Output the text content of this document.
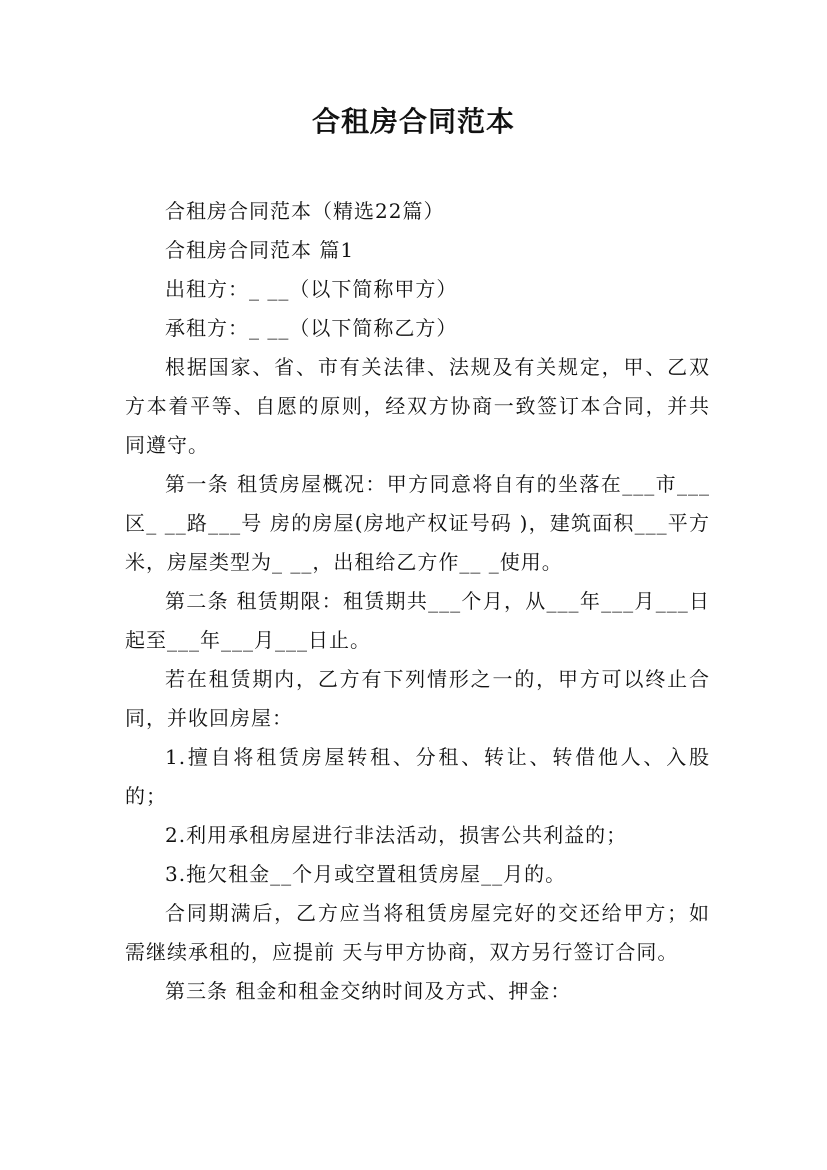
合租房合同范本

合租房合同范本（精选22篇）

合租房合同范本 篇1

出租方：_ __（以下简称甲方）

承租方：_ __（以下简称乙方）

根据国家、省、市有关法律、法规及有关规定，甲、乙双方本着平等、自愿的原则，经双方协商一致签订本合同，并共同遵守。

第一条 租赁房屋概况：甲方同意将自有的坐落在___市___区_ __路___号 房的房屋(房地产权证号码 )，建筑面积___平方米，房屋类型为_ __，出租给乙方作__ _使用。

第二条 租赁期限：租赁期共___个月，从___年___月___日起至___年___月___日止。

若在租赁期内，乙方有下列情形之一的，甲方可以终止合同，并收回房屋：

1.擅自将租赁房屋转租、分租、转让、转借他人、入股的；

2.利用承租房屋进行非法活动，损害公共利益的；

3.拖欠租金__个月或空置租赁房屋__月的。

合同期满后，乙方应当将租赁房屋完好的交还给甲方；如需继续承租的，应提前 天与甲方协商，双方另行签订合同。

第三条 租金和租金交纳时间及方式、押金：
